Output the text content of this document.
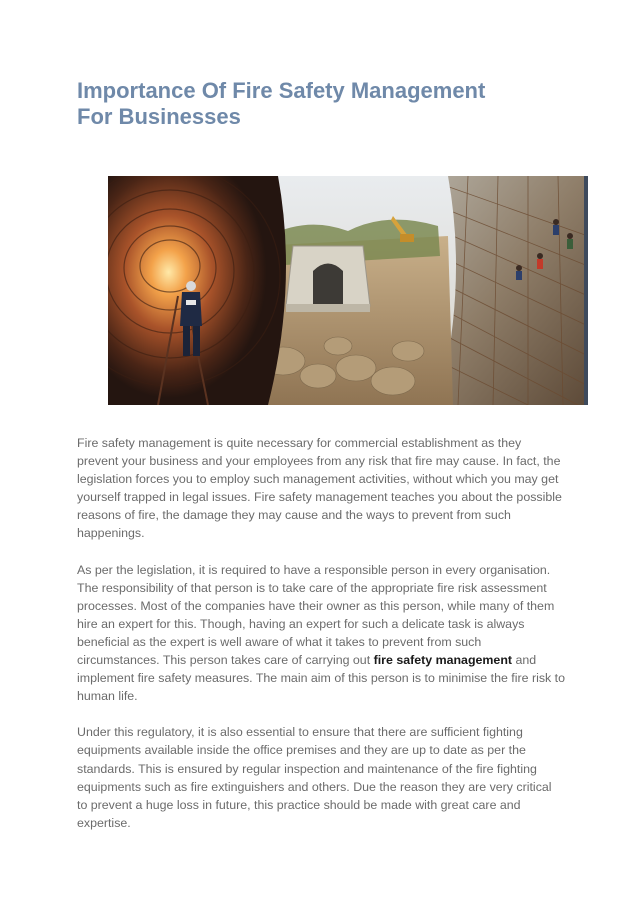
Importance Of Fire Safety Management
For Businesses

Fire safety management is quite necessary for commercial establishment as they prevent your business and your employees from any risk that fire may cause. In fact, the legislation forces you to employ such management activities, without which you may get yourself trapped in legal issues. Fire safety management teaches you about the possible reasons of fire, the damage they may cause and the ways to prevent from such happenings.

As per the legislation, it is required to have a responsible person in every organisation. The responsibility of that person is to take care of the appropriate fire risk assessment processes. Most of the companies have their owner as this person, while many of them hire an expert for this. Though, having an expert for such a delicate task is always beneficial as the expert is well aware of what it takes to prevent from such circumstances. This person takes care of carrying out fire safety management and implement fire safety measures. The main aim of this person is to minimise the fire risk to human life.

Under this regulatory, it is also essential to ensure that there are sufficient fighting equipments available inside the office premises and they are up to date as per the standards. This is ensured by regular inspection and maintenance of the fire fighting equipments such as fire extinguishers and others. Due the reason they are very critical to prevent a huge loss in future, this practice should be made with great care and expertise.
